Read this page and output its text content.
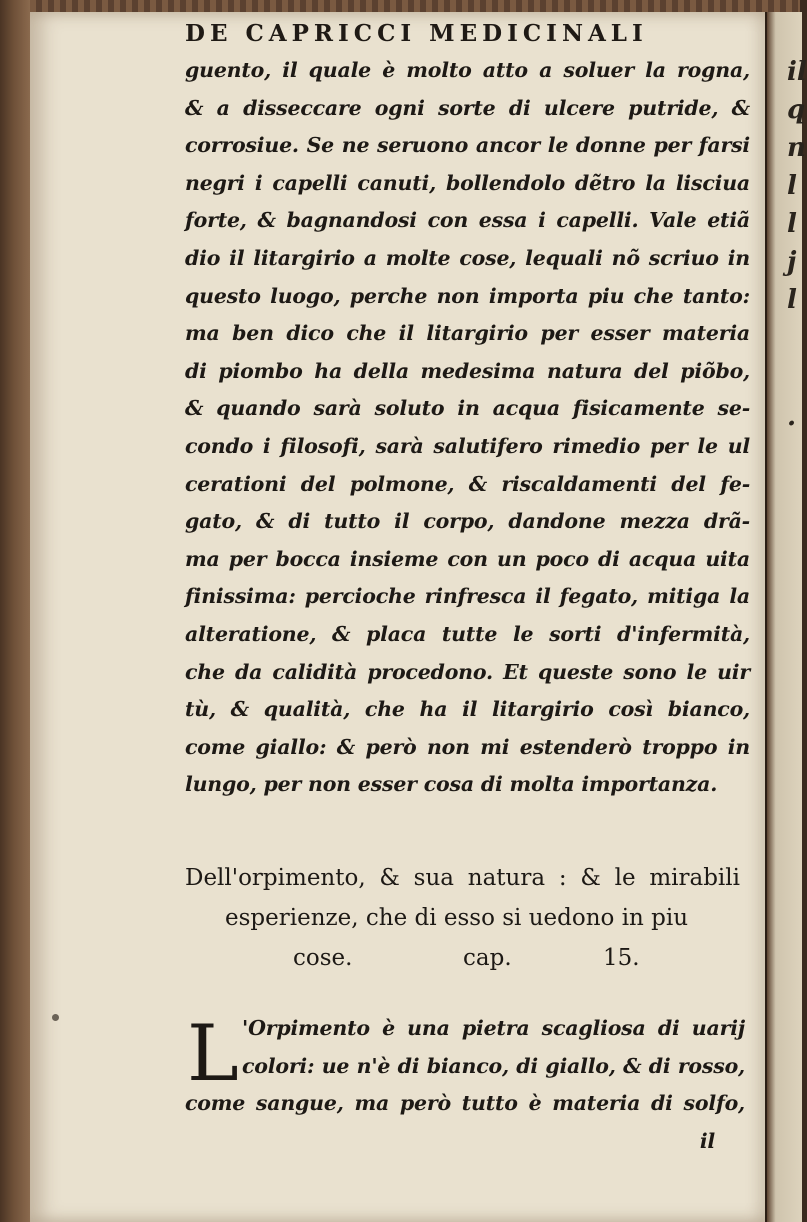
il
q
n
l
l
j
l
.
DE CAPRICCI MEDICINALI
guento, il quale è molto atto a soluer la rogna,
& a disseccare ogni sorte di ulcere putride, &
corrosiue. Se ne seruono ancor le donne per farsi
negri i capelli canuti, bollendolo dẽtro la lisciua
forte, & bagnandosi con essa i capelli. Vale etiã
dio il litargirio a molte cose, lequali nõ scriuo in
questo luogo, perche non importa piu che tanto:
ma ben dico che il litargirio per esser materia
di piombo ha della medesima natura del piõbo,
& quando sarà soluto in acqua fisicamente se-
condo i filosofi, sarà salutifero rimedio per le ul
cerationi del polmone, & riscaldamenti del fe-
gato, & di tutto il corpo, dandone mezza drã-
ma per bocca insieme con un poco di acqua uita
finissima: percioche rinfresca il fegato, mitiga la
alteratione, & placa tutte le sorti d'infermità,
che da calidità procedono. Et queste sono le uir
tù, & qualità, che ha il litargirio così bianco,
come giallo: & però non mi estenderò troppo in
lungo, per non esser cosa di molta importanza.
Dell'orpimento, & sua natura : & le mirabili
esperienze, che di esso si uedono in piu
cose.	cap.	15.
L 'Orpimento è una pietra scagliosa di uarij
colori: ue n'è di bianco, di giallo, & di rosso,
come sangue, ma però tutto è materia di solfo,
il
